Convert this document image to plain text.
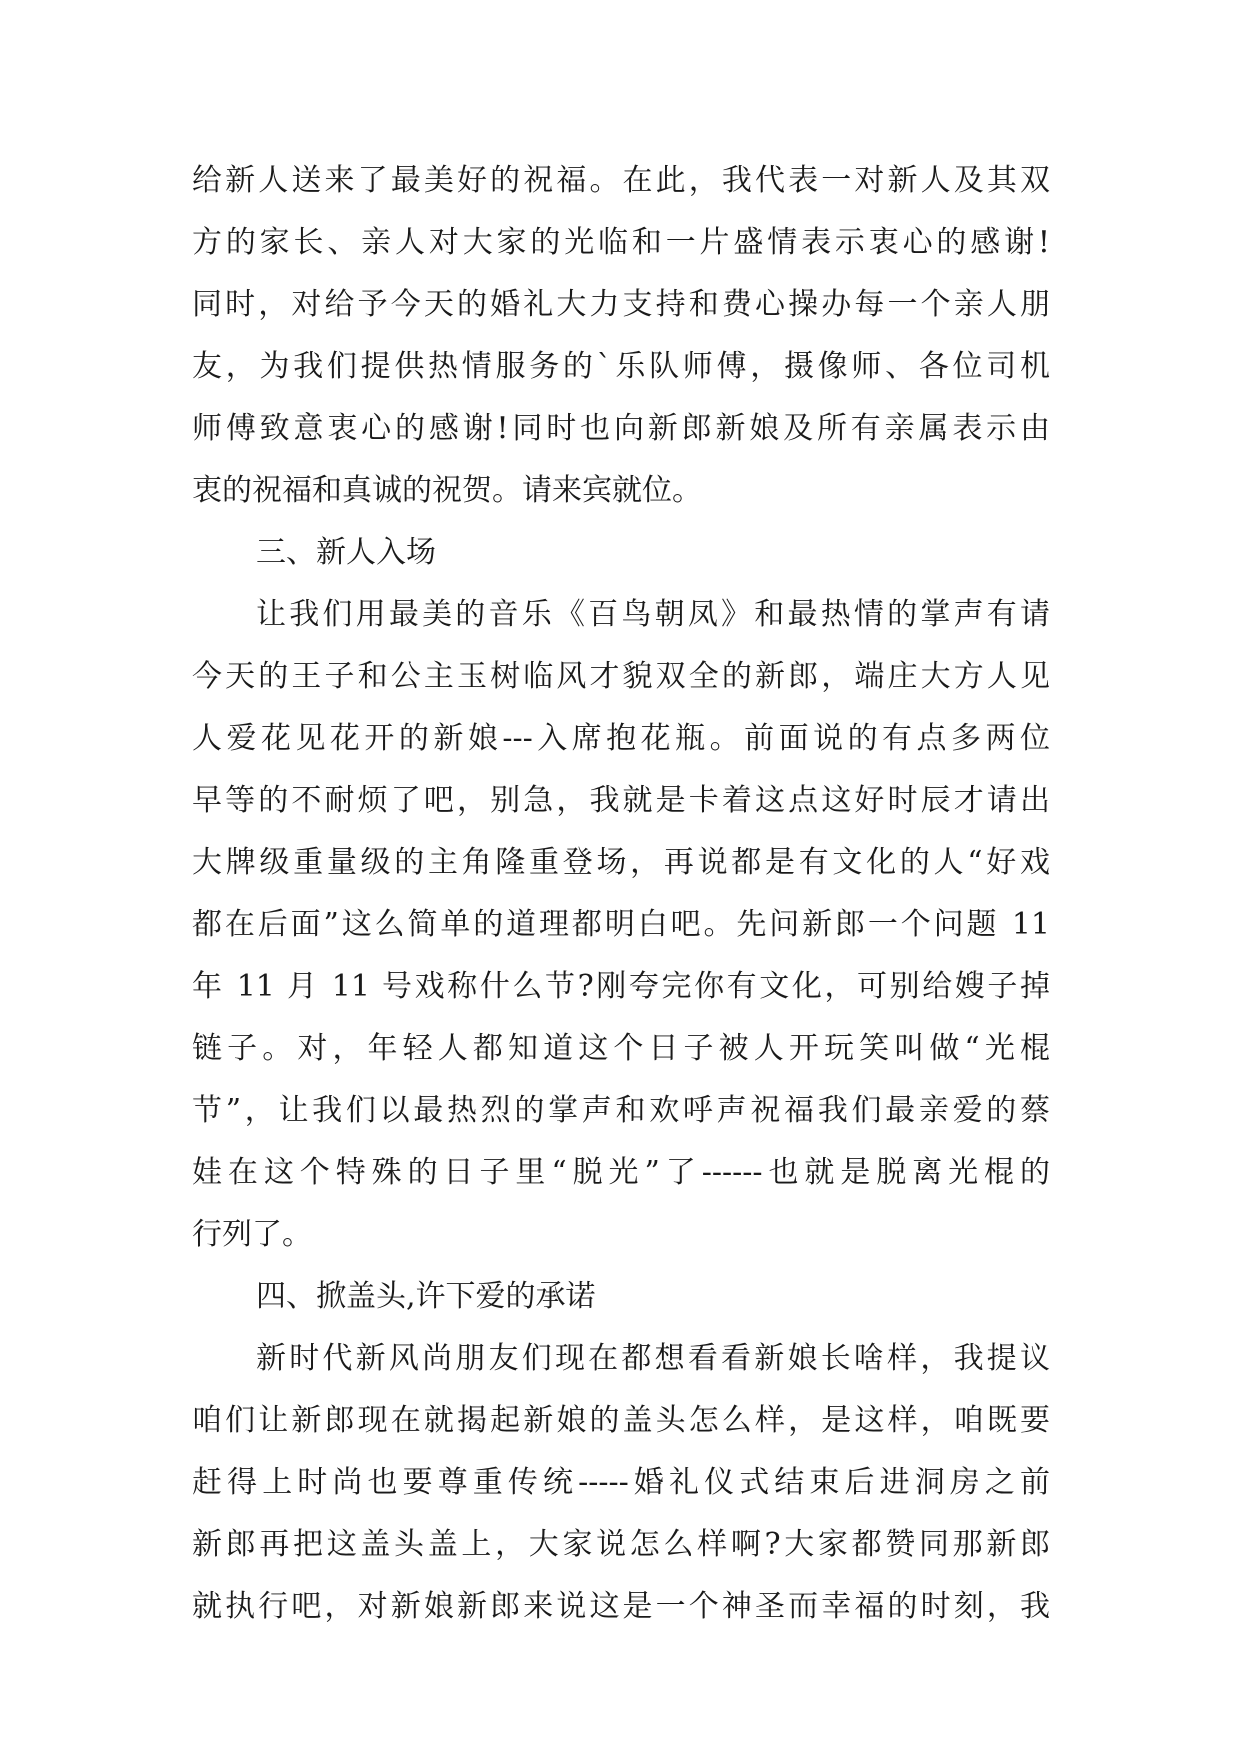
给新人送来了最美好的祝福。在此，我代表一对新人及其双
方的家长、亲人对大家的光临和一片盛情表示衷心的感谢!
同时，对给予今天的婚礼大力支持和费心操办每一个亲人朋
友，为我们提供热情服务的`乐队师傅，摄像师、各位司机
师傅致意衷心的感谢!同时也向新郎新娘及所有亲属表示由
衷的祝福和真诚的祝贺。请来宾就位。
三、新人入场
让我们用最美的音乐《百鸟朝凤》和最热情的掌声有请
今天的王子和公主玉树临风才貌双全的新郎，端庄大方人见
人爱花见花开的新娘---入席抱花瓶。前面说的有点多两位
早等的不耐烦了吧，别急，我就是卡着这点这好时辰才请出
大牌级重量级的主角隆重登场，再说都是有文化的人“好戏
都在后面”这么简单的道理都明白吧。先问新郎一个问题 11
年 11 月 11 号戏称什么节?刚夸完你有文化，可别给嫂子掉
链子。对，年轻人都知道这个日子被人开玩笑叫做“光棍
节”，让我们以最热烈的掌声和欢呼声祝福我们最亲爱的蔡
娃在这个特殊的日子里“脱光”了------也就是脱离光棍的
行列了。
四、掀盖头,许下爱的承诺
新时代新风尚朋友们现在都想看看新娘长啥样，我提议
咱们让新郎现在就揭起新娘的盖头怎么样，是这样，咱既要
赶得上时尚也要尊重传统-----婚礼仪式结束后进洞房之前
新郎再把这盖头盖上，大家说怎么样啊?大家都赞同那新郎
就执行吧，对新娘新郎来说这是一个神圣而幸福的时刻，我
